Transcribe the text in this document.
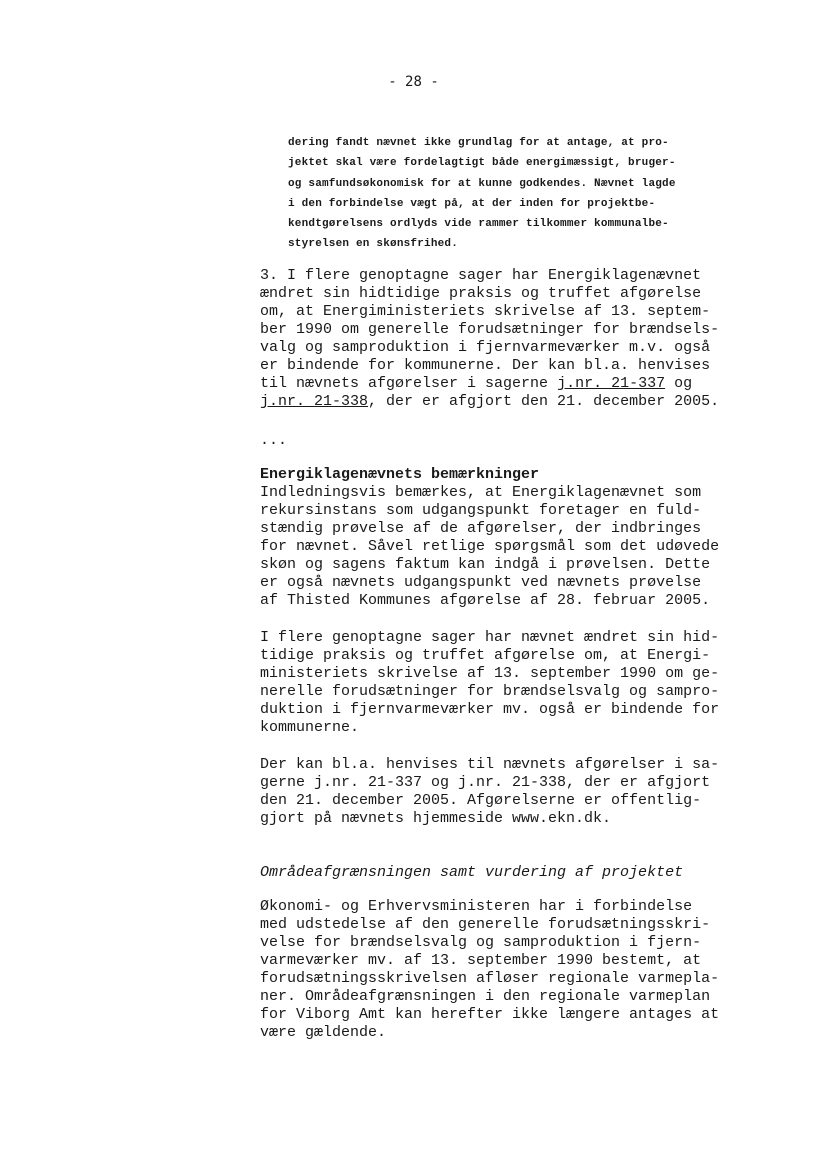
- 28 -
dering fandt nævnet ikke grundlag for at antage, at pro-
jektet skal være fordelagtigt både energimæssigt, bruger-
og samfundsøkonomisk for at kunne godkendes. Nævnet lagde
i den forbindelse vægt på, at der inden for projektbe-
kendtgørelsens ordlyds vide rammer tilkommer kommunalbe-
styrelsen en skønsfrihed.
3. I flere genoptagne sager har Energiklagenævnet
ændret sin hidtidige praksis og truffet afgørelse
om, at Energiministeriets skrivelse af 13. septem-
ber 1990 om generelle forudsætninger for brændsels-
valg og samproduktion i fjernvarmeværker m.v. også
er bindende for kommunerne. Der kan bl.a. henvises
til nævnets afgørelser i sagerne j.nr. 21-337 og
j.nr. 21-338, der er afgjort den 21. december 2005.
...
Energiklagenævnets bemærkninger
Indledningsvis bemærkes, at Energiklagenævnet som
rekursinstans som udgangspunkt foretager en fuld-
stændig prøvelse af de afgørelser, der indbringes
for nævnet. Såvel retlige spørgsmål som det udøvede
skøn og sagens faktum kan indgå i prøvelsen. Dette
er også nævnets udgangspunkt ved nævnets prøvelse
af Thisted Kommunes afgørelse af 28. februar 2005.
I flere genoptagne sager har nævnet ændret sin hid-
tidige praksis og truffet afgørelse om, at Energi-
ministeriets skrivelse af 13. september 1990 om ge-
nerelle forudsætninger for brændselsvalg og sampro-
duktion i fjernvarmeværker mv. også er bindende for
kommunerne.
Der kan bl.a. henvises til nævnets afgørelser i sa-
gerne j.nr. 21-337 og j.nr. 21-338, der er afgjort
den 21. december 2005. Afgørelserne er offentlig-
gjort på nævnets hjemmeside www.ekn.dk.
Områdeafgrænsningen samt vurdering af projektet
Økonomi- og Erhvervsministeren har i forbindelse
med udstedelse af den generelle forudsætningsskri-
velse for brændselsvalg og samproduktion i fjern-
varmeværker mv. af 13. september 1990 bestemt, at
forudsætningsskrivelsen afløser regionale varmepla-
ner. Områdeafgrænsningen i den regionale varmeplan
for Viborg Amt kan herefter ikke længere antages at
være gældende.
